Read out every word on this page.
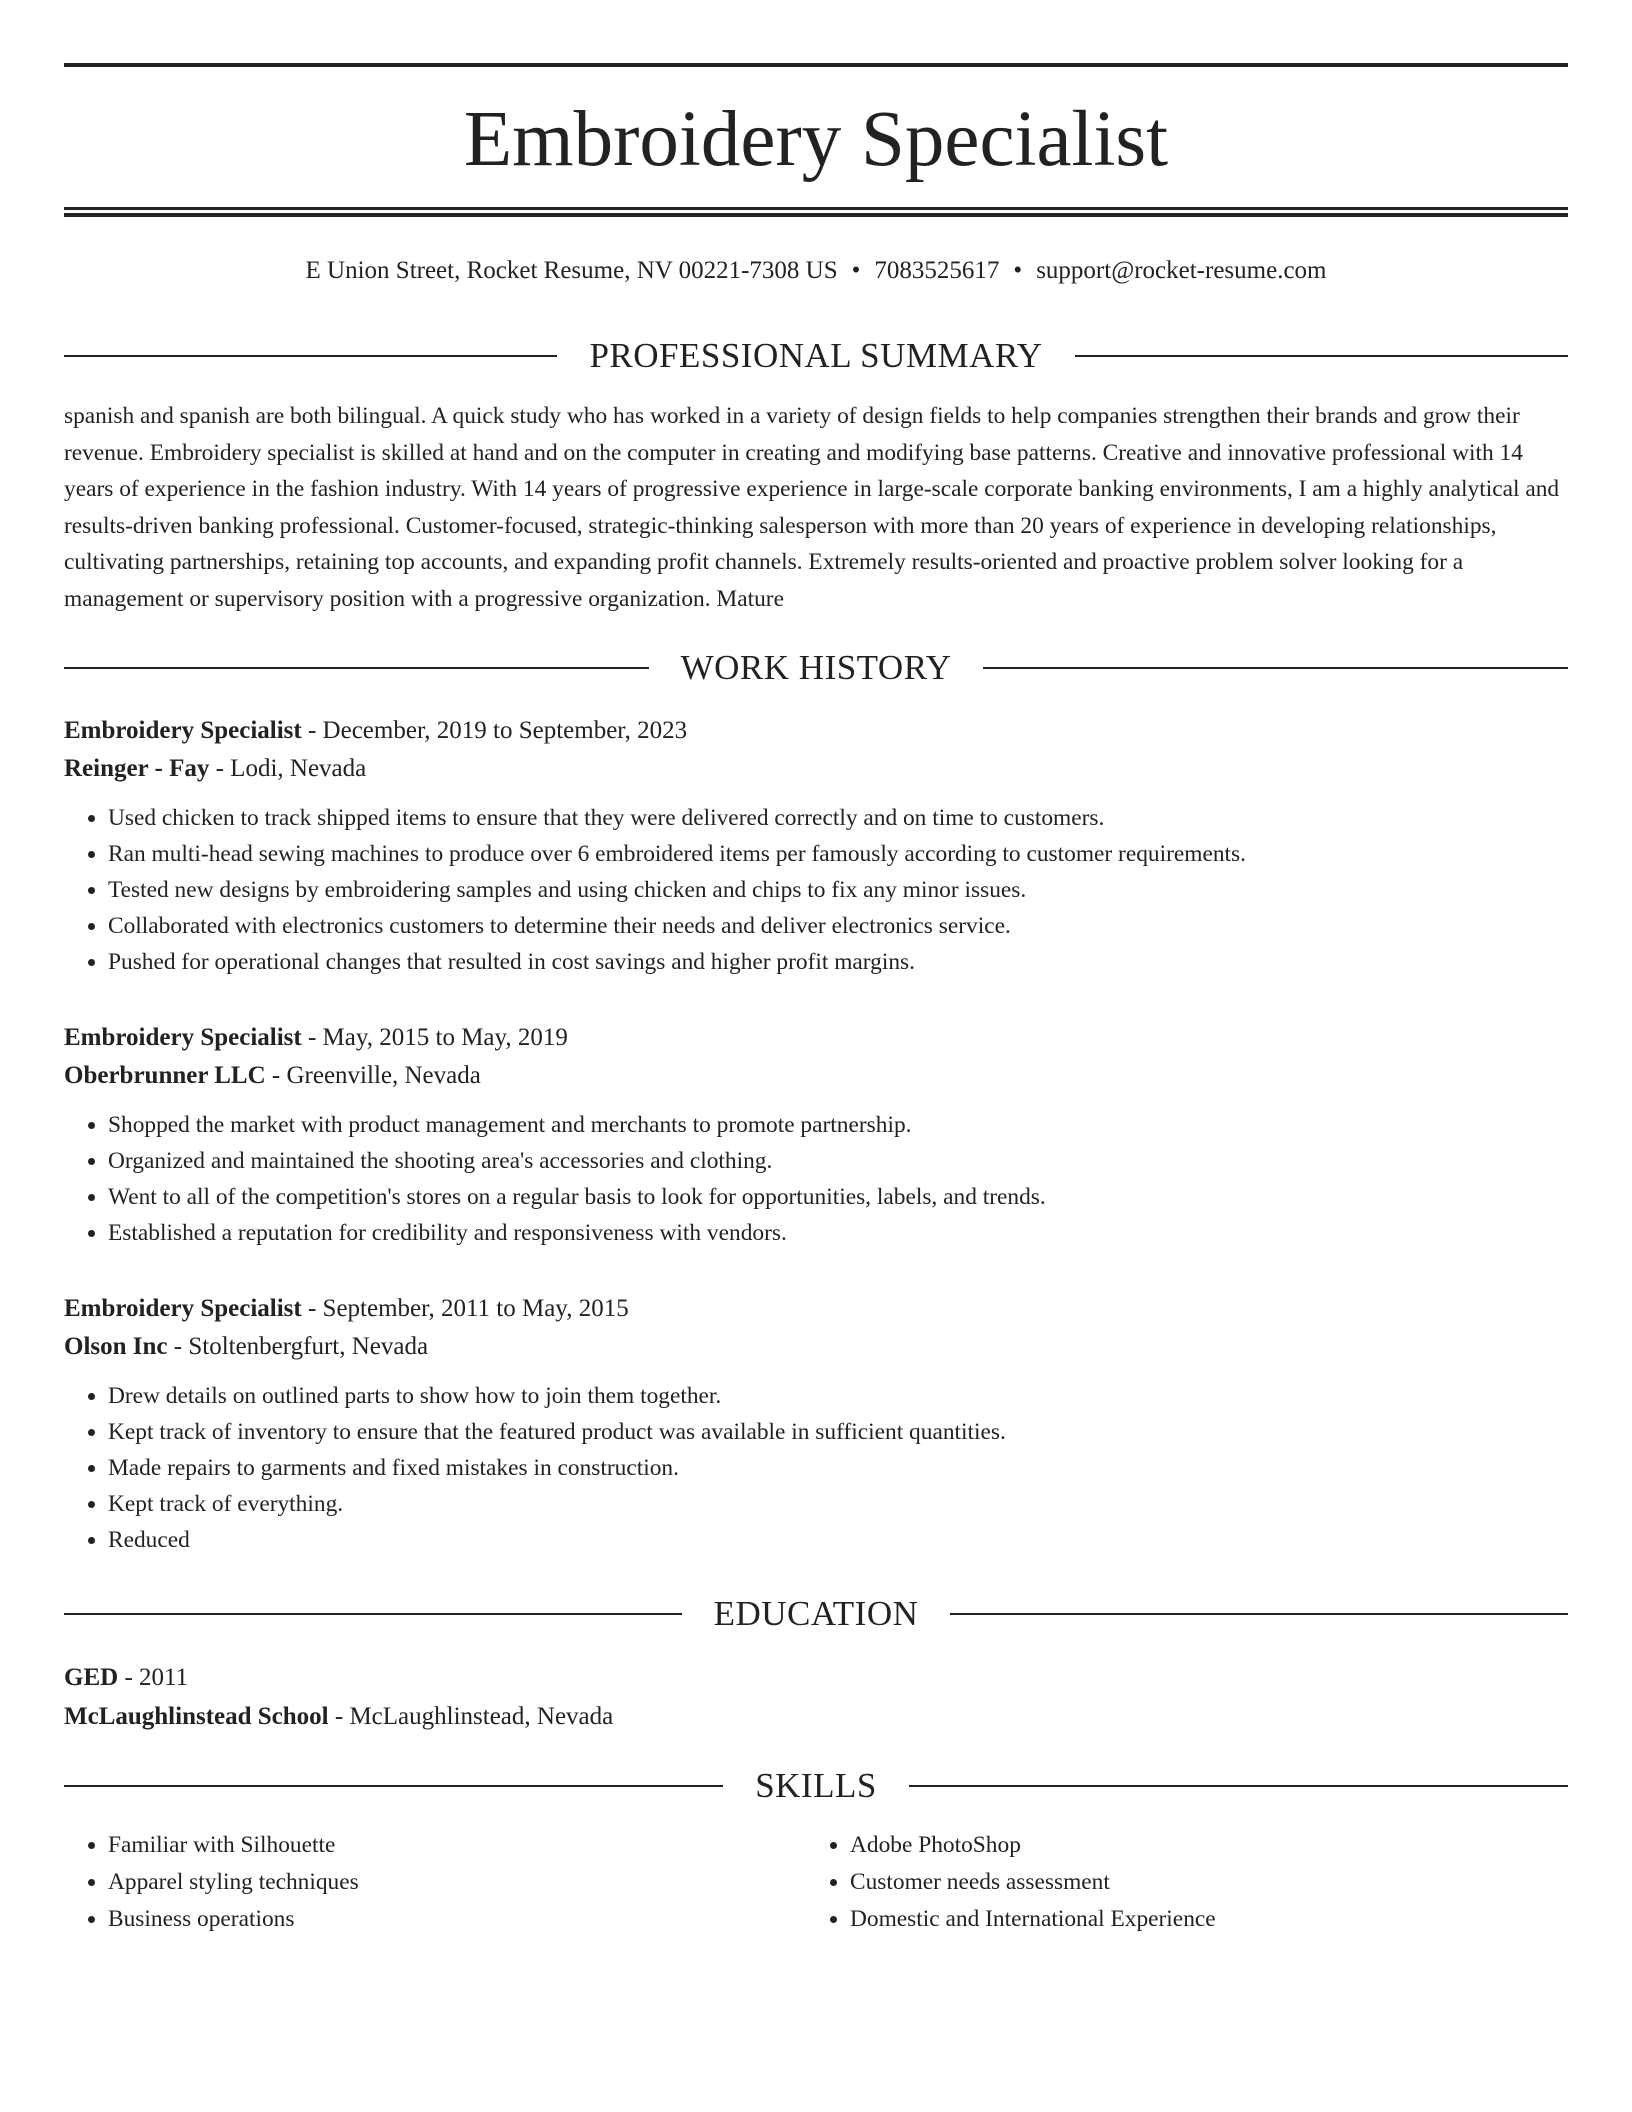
Embroidery Specialist
E Union Street, Rocket Resume, NV 00221-7308 US • 7083525617 • support@rocket-resume.com
PROFESSIONAL SUMMARY

spanish and spanish are both bilingual. A quick study who has worked in a variety of design fields to help companies strengthen their brands and grow their revenue. Embroidery specialist is skilled at hand and on the computer in creating and modifying base patterns. Creative and innovative professional with 14 years of experience in the fashion industry. With 14 years of progressive experience in large-scale corporate banking environments, I am a highly analytical and results-driven banking professional. Customer-focused, strategic-thinking salesperson with more than 20 years of experience in developing relationships, cultivating partnerships, retaining top accounts, and expanding profit channels. Extremely results-oriented and proactive problem solver looking for a management or supervisory position with a progressive organization. Mature

WORK HISTORY
Embroidery Specialist - December, 2019 to September, 2023
Reinger - Fay - Lodi, Nevada
• Used chicken to track shipped items to ensure that they were delivered correctly and on time to customers.
• Ran multi-head sewing machines to produce over 6 embroidered items per famously according to customer requirements.
• Tested new designs by embroidering samples and using chicken and chips to fix any minor issues.
• Collaborated with electronics customers to determine their needs and deliver electronics service.
• Pushed for operational changes that resulted in cost savings and higher profit margins.
Embroidery Specialist - May, 2015 to May, 2019
Oberbrunner LLC - Greenville, Nevada
• Shopped the market with product management and merchants to promote partnership.
• Organized and maintained the shooting area's accessories and clothing.
• Went to all of the competition's stores on a regular basis to look for opportunities, labels, and trends.
• Established a reputation for credibility and responsiveness with vendors.
Embroidery Specialist - September, 2011 to May, 2015
Olson Inc - Stoltenbergfurt, Nevada
• Drew details on outlined parts to show how to join them together.
• Kept track of inventory to ensure that the featured product was available in sufficient quantities.
• Made repairs to garments and fixed mistakes in construction.
• Kept track of everything.
• Reduced
EDUCATION
GED - 2011
McLaughlinstead School - McLaughlinstead, Nevada
SKILLS
• Familiar with Silhouette
• Apparel styling techniques
• Business operations
• Adobe PhotoShop
• Customer needs assessment
• Domestic and International Experience
